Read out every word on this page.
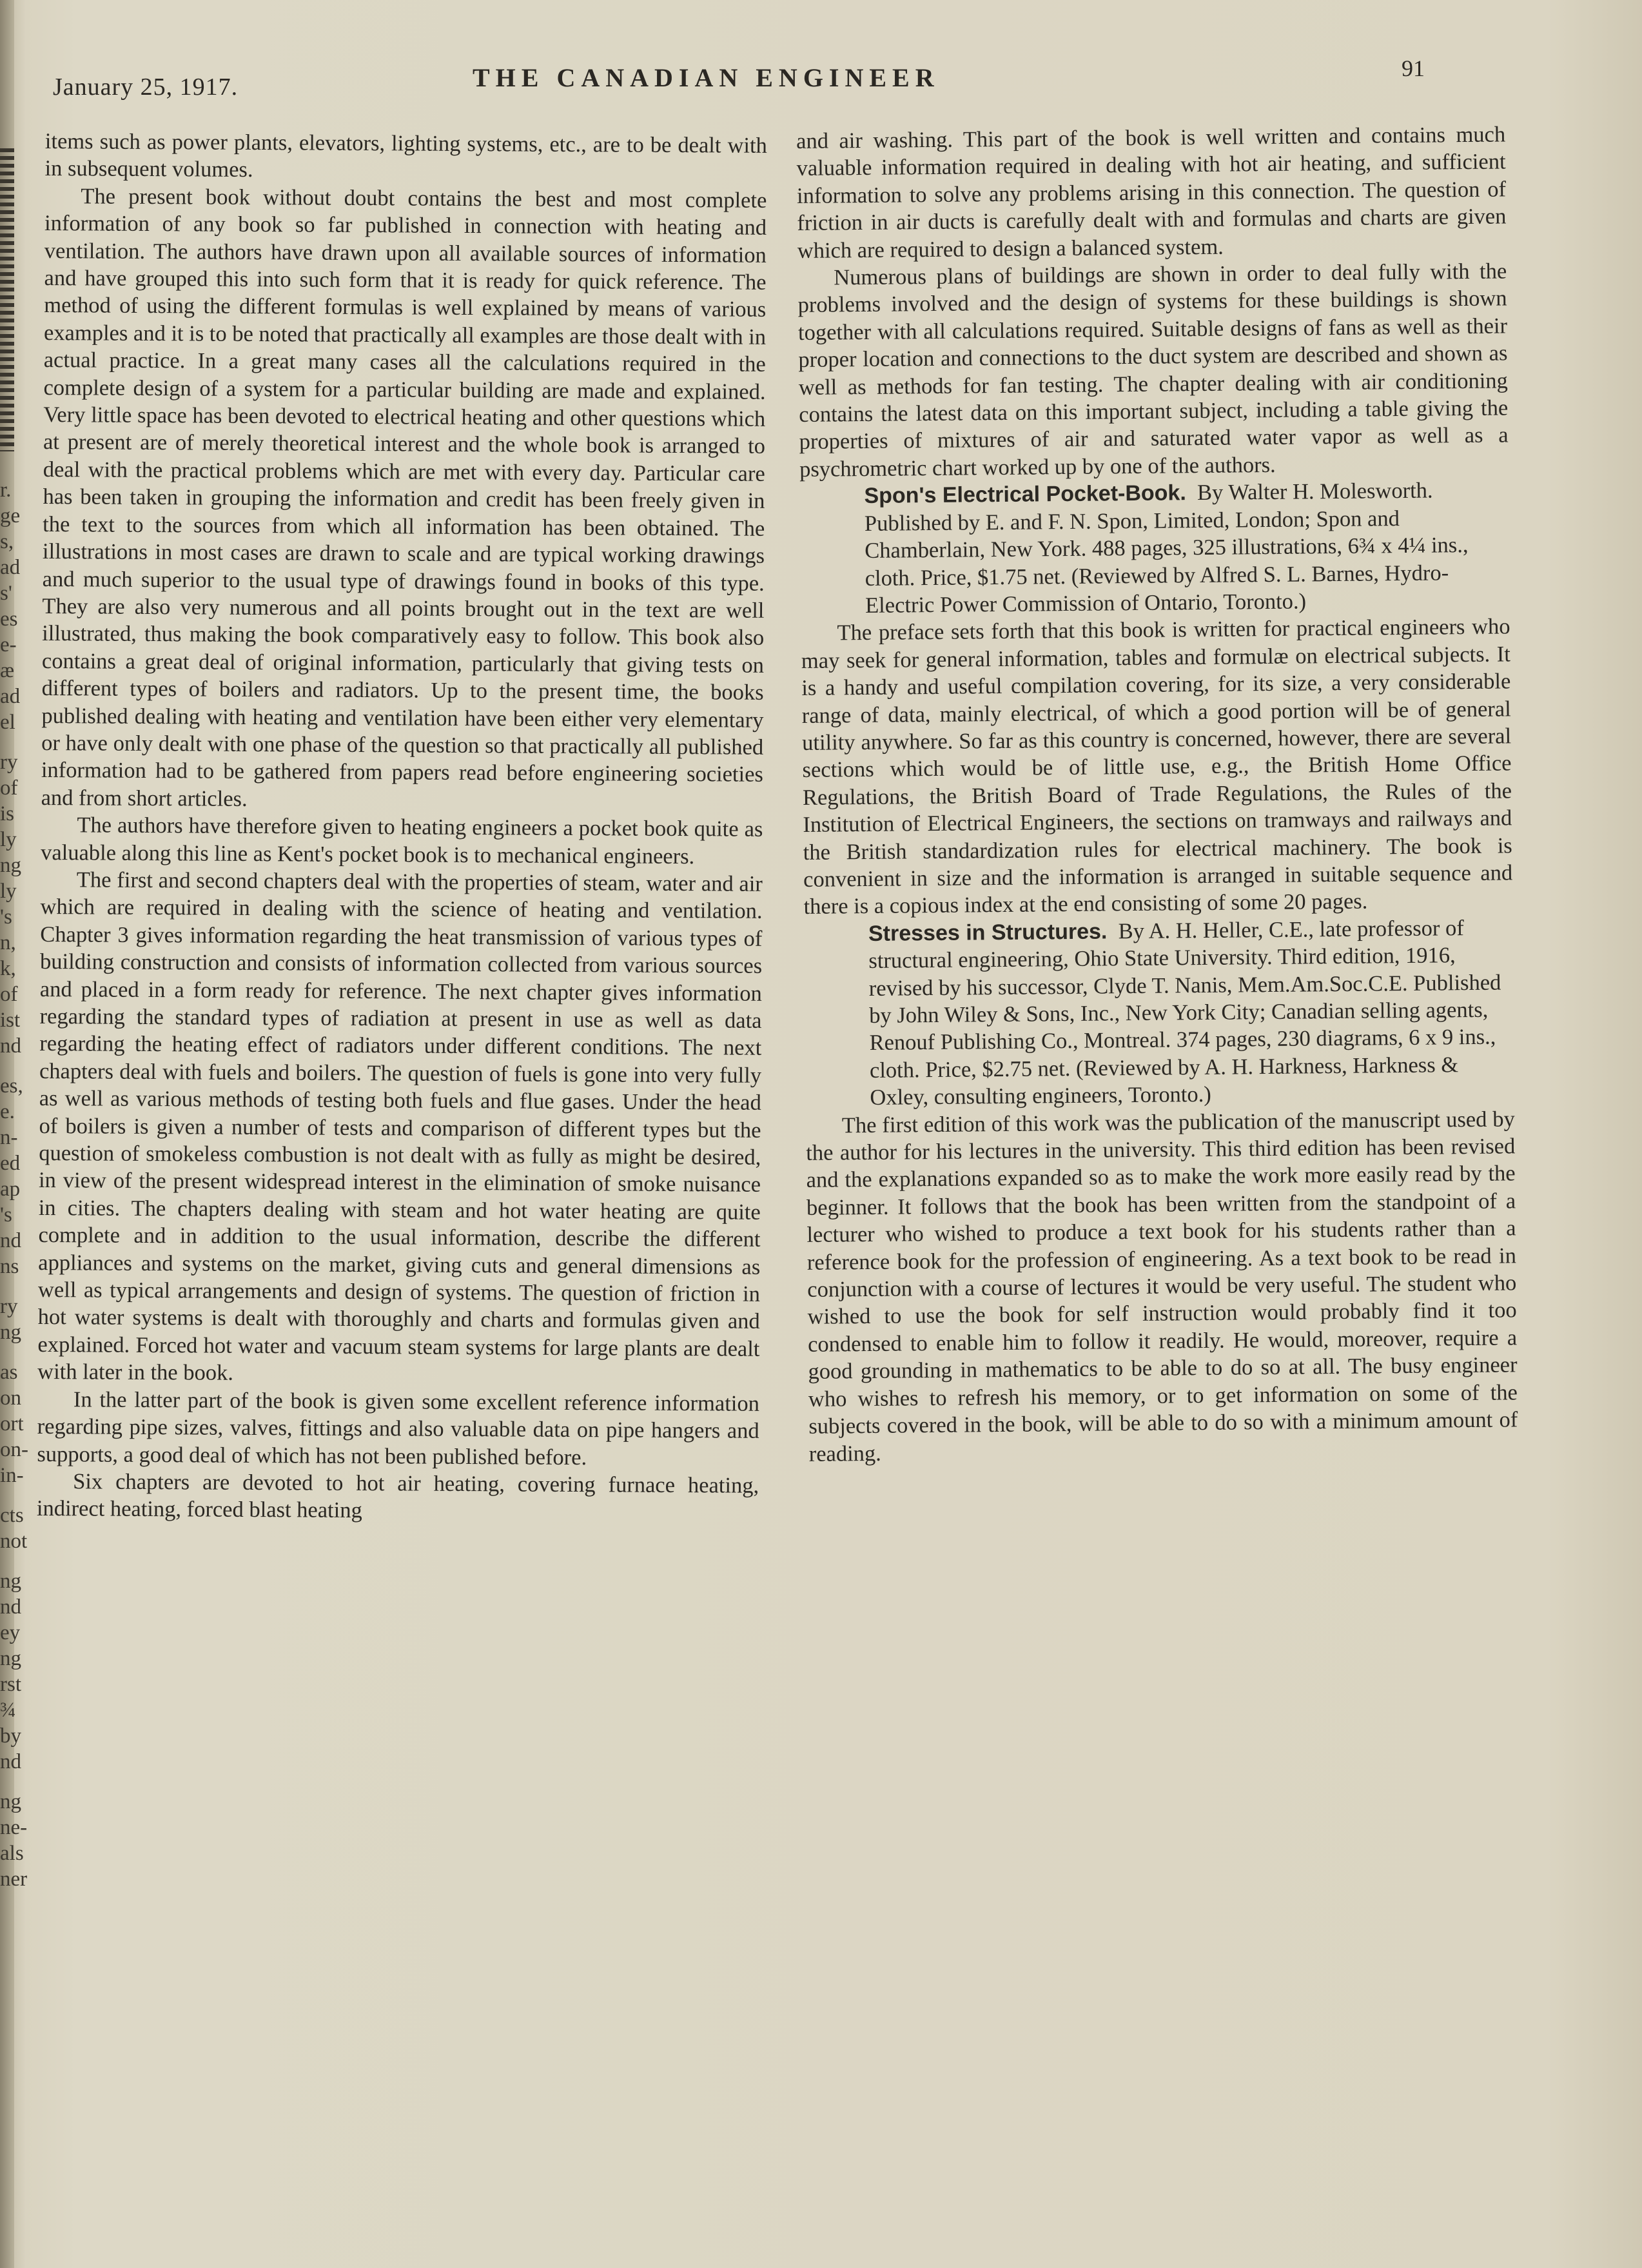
r.
ge
s,
ad
s'
es
e-
æ
ad
el
ry
of
is
ly
ng
ly
's
n,
k,
of
ist
nd
es,
e.
n-
ed
ap
's
nd
ns
ry
ng
as
on
ort
on-
in-
cts
not
ng
nd
ey
ng
rst
¾
by
nd
ng
ne-
als
ner
January 25, 1917.	THE CANADIAN ENGINEER	91

items such as power plants, elevators, lighting systems, etc., are to be dealt with in subsequent volumes.

The present book without doubt contains the best and most complete information of any book so far published in connection with heating and ventilation. The authors have drawn upon all available sources of information and have grouped this into such form that it is ready for quick reference. The method of using the different formulas is well explained by means of various examples and it is to be noted that practically all examples are those dealt with in actual practice. In a great many cases all the calculations required in the complete design of a system for a particular building are made and explained. Very little space has been devoted to electrical heating and other questions which at present are of merely theoretical interest and the whole book is arranged to deal with the practical problems which are met with every day. Particular care has been taken in grouping the information and credit has been freely given in the text to the sources from which all information has been obtained. The illustrations in most cases are drawn to scale and are typical working drawings and much superior to the usual type of drawings found in books of this type. They are also very numerous and all points brought out in the text are well illustrated, thus making the book comparatively easy to follow. This book also contains a great deal of original information, particularly that giving tests on different types of boilers and radiators. Up to the present time, the books published dealing with heating and ventilation have been either very elementary or have only dealt with one phase of the question so that practically all published information had to be gathered from papers read before engineering societies and from short articles.

The authors have therefore given to heating engineers a pocket book quite as valuable along this line as Kent's pocket book is to mechanical engineers.

The first and second chapters deal with the properties of steam, water and air which are required in dealing with the science of heating and ventilation. Chapter 3 gives information regarding the heat transmission of various types of building construction and consists of information collected from various sources and placed in a form ready for reference. The next chapter gives information regarding the standard types of radiation at present in use as well as data regarding the heating effect of radiators under different conditions. The next chapters deal with fuels and boilers. The question of fuels is gone into very fully as well as various methods of testing both fuels and flue gases. Under the head of boilers is given a number of tests and comparison of different types but the question of smokeless combustion is not dealt with as fully as might be desired, in view of the present widespread interest in the elimination of smoke nuisance in cities. The chapters dealing with steam and hot water heating are quite complete and in addition to the usual information, describe the different appliances and systems on the market, giving cuts and general dimensions as well as typical arrangements and design of systems. The question of friction in hot water systems is dealt with thoroughly and charts and formulas given and explained. Forced hot water and vacuum steam systems for large plants are dealt with later in the book.

In the latter part of the book is given some excellent reference information regarding pipe sizes, valves, fittings and also valuable data on pipe hangers and supports, a good deal of which has not been published before.

Six chapters are devoted to hot air heating, covering furnace heating, indirect heating, forced blast heating

and air washing. This part of the book is well written and contains much valuable information required in dealing with hot air heating, and sufficient information to solve any problems arising in this connection. The question of friction in air ducts is carefully dealt with and formulas and charts are given which are required to design a balanced system.

Numerous plans of buildings are shown in order to deal fully with the problems involved and the design of systems for these buildings is shown together with all calculations required. Suitable designs of fans as well as their proper location and connections to the duct system are described and shown as well as methods for fan testing. The chapter dealing with air conditioning contains the latest data on this important subject, including a table giving the properties of mixtures of air and saturated water vapor as well as a psychrometric chart worked up by one of the authors.

Spon's Electrical Pocket-Book. By Walter H. Molesworth. Published by E. and F. N. Spon, Limited, London; Spon and Chamberlain, New York. 488 pages, 325 illustrations, 6¾ x 4¼ ins., cloth. Price, $1.75 net. (Reviewed by Alfred S. L. Barnes, Hydro-Electric Power Commission of Ontario, Toronto.)

The preface sets forth that this book is written for practical engineers who may seek for general information, tables and formulæ on electrical subjects. It is a handy and useful compilation covering, for its size, a very considerable range of data, mainly electrical, of which a good portion will be of general utility anywhere. So far as this country is concerned, however, there are several sections which would be of little use, e.g., the British Home Office Regulations, the British Board of Trade Regulations, the Rules of the Institution of Electrical Engineers, the sections on tramways and railways and the British standardization rules for electrical machinery. The book is convenient in size and the information is arranged in suitable sequence and there is a copious index at the end consisting of some 20 pages.

Stresses in Structures. By A. H. Heller, C.E., late professor of structural engineering, Ohio State University. Third edition, 1916, revised by his successor, Clyde T. Nanis, Mem.Am.Soc.C.E. Published by John Wiley & Sons, Inc., New York City; Canadian selling agents, Renouf Publishing Co., Montreal. 374 pages, 230 diagrams, 6 x 9 ins., cloth. Price, $2.75 net. (Reviewed by A. H. Harkness, Harkness & Oxley, consulting engineers, Toronto.)

The first edition of this work was the publication of the manuscript used by the author for his lectures in the university. This third edition has been revised and the explanations expanded so as to make the work more easily read by the beginner. It follows that the book has been written from the standpoint of a lecturer who wished to produce a text book for his students rather than a reference book for the profession of engineering. As a text book to be read in conjunction with a course of lectures it would be very useful. The student who wished to use the book for self instruction would probably find it too condensed to enable him to follow it readily. He would, moreover, require a good grounding in mathematics to be able to do so at all. The busy engineer who wishes to refresh his memory, or to get information on some of the subjects covered in the book, will be able to do so with a minimum amount of reading.
